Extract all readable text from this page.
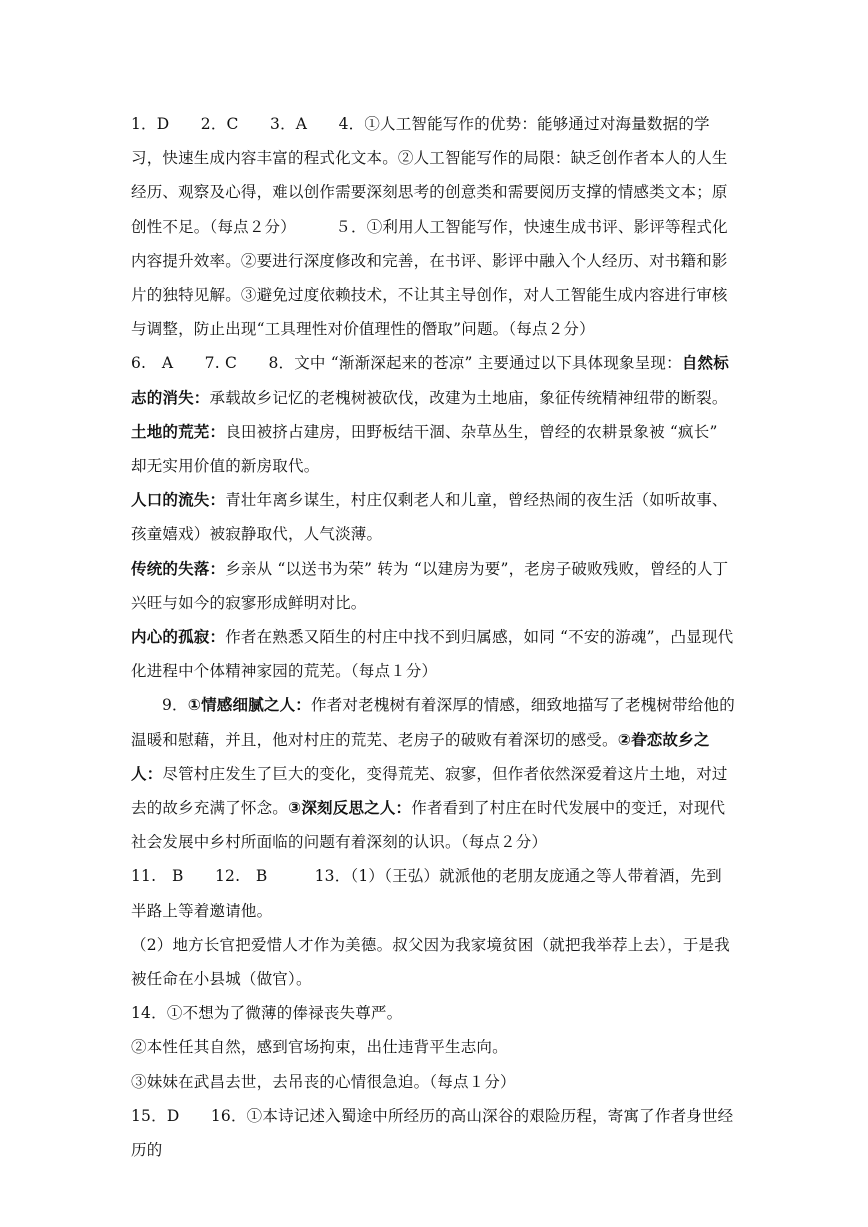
1．D　　2．C　　3．A　　4．①人工智能写作的优势：能够通过对海量数据的学习，快速生成内容丰富的程式化文本。②人工智能写作的局限：缺乏创作者本人的人生经历、观察及心得，难以创作需要深刻思考的创意类和需要阅历支撑的情感类文本；原创性不足。（每点２分）　　　５．①利用人工智能写作，快速生成书评、影评等程式化内容提升效率。②要进行深度修改和完善，在书评、影评中融入个人经历、对书籍和影片的独特见解。③避免过度依赖技术，不让其主导创作，对人工智能生成内容进行审核与调整，防止出现“工具理性对价值理性的僭取”问题。（每点２分）

6.　A　　7. C　　8．文中 “渐渐深起来的苍凉” 主要通过以下具体现象呈现：自然标志的消失：承载故乡记忆的老槐树被砍伐，改建为土地庙，象征传统精神纽带的断裂。

土地的荒芜：良田被挤占建房，田野板结干涸、杂草丛生，曾经的农耕景象被 “疯长” 却无实用价值的新房取代。

人口的流失：青壮年离乡谋生，村庄仅剩老人和儿童，曾经热闹的夜生活（如听故事、孩童嬉戏）被寂静取代，人气淡薄。

传统的失落：乡亲从 “以送书为荣” 转为 “以建房为要”，老房子破败残败，曾经的人丁兴旺与如今的寂寥形成鲜明对比。

内心的孤寂：作者在熟悉又陌生的村庄中找不到归属感，如同 “不安的游魂”，凸显现代化进程中个体精神家园的荒芜。（每点１分）

9．①情感细腻之人：作者对老槐树有着深厚的情感，细致地描写了老槐树带给他的温暖和慰藉，并且，他对村庄的荒芜、老房子的破败有着深切的感受。②眷恋故乡之人：尽管村庄发生了巨大的变化，变得荒芜、寂寥，但作者依然深爱着这片土地，对过去的故乡充满了怀念。③深刻反思之人：作者看到了村庄在时代发展中的变迁，对现代社会发展中乡村所面临的问题有着深刻的认识。（每点２分）

11.　B　　12.　B　　　13．（1）（王弘）就派他的老朋友庞通之等人带着酒，先到半路上等着邀请他。

（2）地方长官把爱惜人才作为美德。叔父因为我家境贫困（就把我举荐上去），于是我被任命在小县城（做官）。

14．①不想为了微薄的俸禄丧失尊严。

②本性任其自然，感到官场拘束，出仕违背平生志向。

③妹妹在武昌去世，去吊丧的心情很急迫。（每点１分）

15．D　　16．①本诗记述入蜀途中所经历的高山深谷的艰险历程，寄寓了作者身世经历的
